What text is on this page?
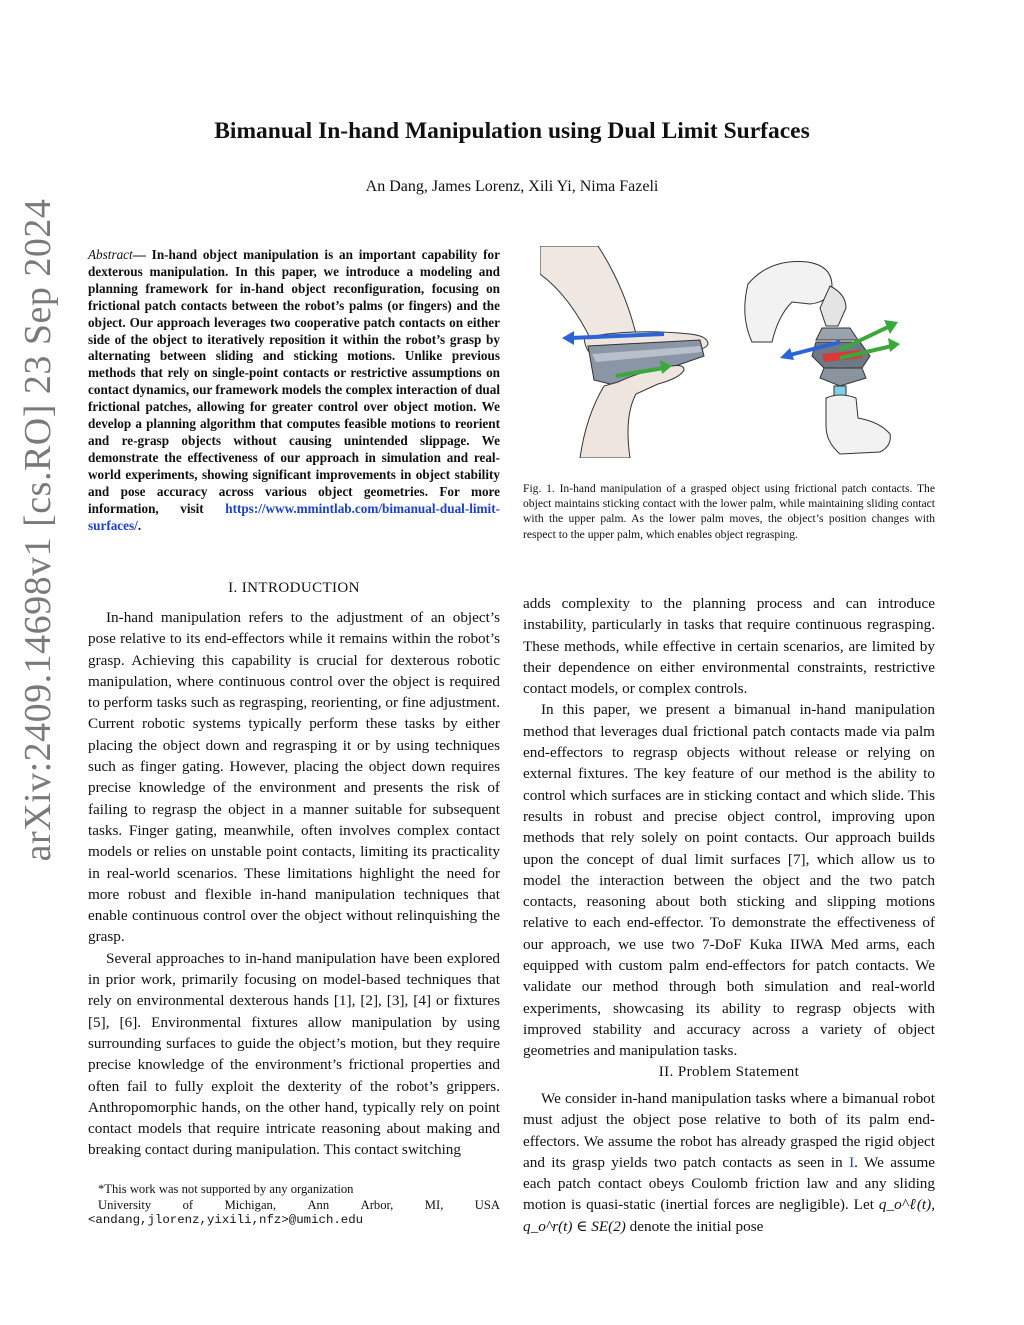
arXiv:2409.14698v1 [cs.RO] 23 Sep 2024
Bimanual In-hand Manipulation using Dual Limit Surfaces
An Dang, James Lorenz, Xili Yi, Nima Fazeli
Abstract— In-hand object manipulation is an important capability for dexterous manipulation. In this paper, we introduce a modeling and planning framework for in-hand object reconfiguration, focusing on frictional patch contacts between the robot’s palms (or fingers) and the object. Our approach leverages two cooperative patch contacts on either side of the object to iteratively reposition it within the robot’s grasp by alternating between sliding and sticking motions. Unlike previous methods that rely on single-point contacts or restrictive assumptions on contact dynamics, our framework models the complex interaction of dual frictional patches, allowing for greater control over object motion. We develop a planning algorithm that computes feasible motions to reorient and re-grasp objects without causing unintended slippage. We demonstrate the effectiveness of our approach in simulation and real-world experiments, showing significant improvements in object stability and pose accuracy across various object geometries. For more information, visit https://www.mmintlab.com/bimanual-dual-limit-surfaces/.
I. INTRODUCTION

In-hand manipulation refers to the adjustment of an object’s pose relative to its end-effectors while it remains within the robot’s grasp. Achieving this capability is crucial for dexterous robotic manipulation, where continuous control over the object is required to perform tasks such as regrasping, reorienting, or fine adjustment. Current robotic systems typically perform these tasks by either placing the object down and regrasping it or by using techniques such as finger gating. However, placing the object down requires precise knowledge of the environment and presents the risk of failing to regrasp the object in a manner suitable for subsequent tasks. Finger gating, meanwhile, often involves complex contact models or relies on unstable point contacts, limiting its practicality in real-world scenarios. These limitations highlight the need for more robust and flexible in-hand manipulation techniques that enable continuous control over the object without relinquishing the grasp.

Several approaches to in-hand manipulation have been explored in prior work, primarily focusing on model-based techniques that rely on environmental dexterous hands [1], [2], [3], [4] or fixtures [5], [6]. Environmental fixtures allow manipulation by using surrounding surfaces to guide the object’s motion, but they require precise knowledge of the environment’s frictional properties and often fail to fully exploit the dexterity of the robot’s grippers. Anthropomorphic hands, on the other hand, typically rely on point contact models that require intricate reasoning about making and breaking contact during manipulation. This contact switching

*This work was not supported by any organization
University of Michigan, Ann Arbor, MI, USA
<andang,jlorenz,yixili,nfz>@umich.edu
Fig. 1. In-hand manipulation of a grasped object using frictional patch contacts. The object maintains sticking contact with the lower palm, while maintaining sliding contact with the upper palm. As the lower palm moves, the object’s position changes with respect to the upper palm, which enables object regrasping.

adds complexity to the planning process and can introduce instability, particularly in tasks that require continuous regrasping. These methods, while effective in certain scenarios, are limited by their dependence on either environmental constraints, restrictive contact models, or complex controls.

In this paper, we present a bimanual in-hand manipulation method that leverages dual frictional patch contacts made via palm end-effectors to regrasp objects without release or relying on external fixtures. The key feature of our method is the ability to control which surfaces are in sticking contact and which slide. This results in robust and precise object control, improving upon methods that rely solely on point contacts. Our approach builds upon the concept of dual limit surfaces [7], which allow us to model the interaction between the object and the two patch contacts, reasoning about both sticking and slipping motions relative to each end-effector. To demonstrate the effectiveness of our approach, we use two 7-DoF Kuka IIWA Med arms, each equipped with custom palm end-effectors for patch contacts. We validate our method through both simulation and real-world experiments, showcasing its ability to regrasp objects with improved stability and accuracy across a variety of object geometries and manipulation tasks.

II. Problem Statement

We consider in-hand manipulation tasks where a bimanual robot must adjust the object pose relative to both of its palm end-effectors. We assume the robot has already grasped the rigid object and its grasp yields two patch contacts as seen in I. We assume each patch contact obeys Coulomb friction law and any sliding motion is quasi-static (inertial forces are negligible). Let q_o^ℓ(t), q_o^r(t) ∈ SE(2) denote the initial pose
